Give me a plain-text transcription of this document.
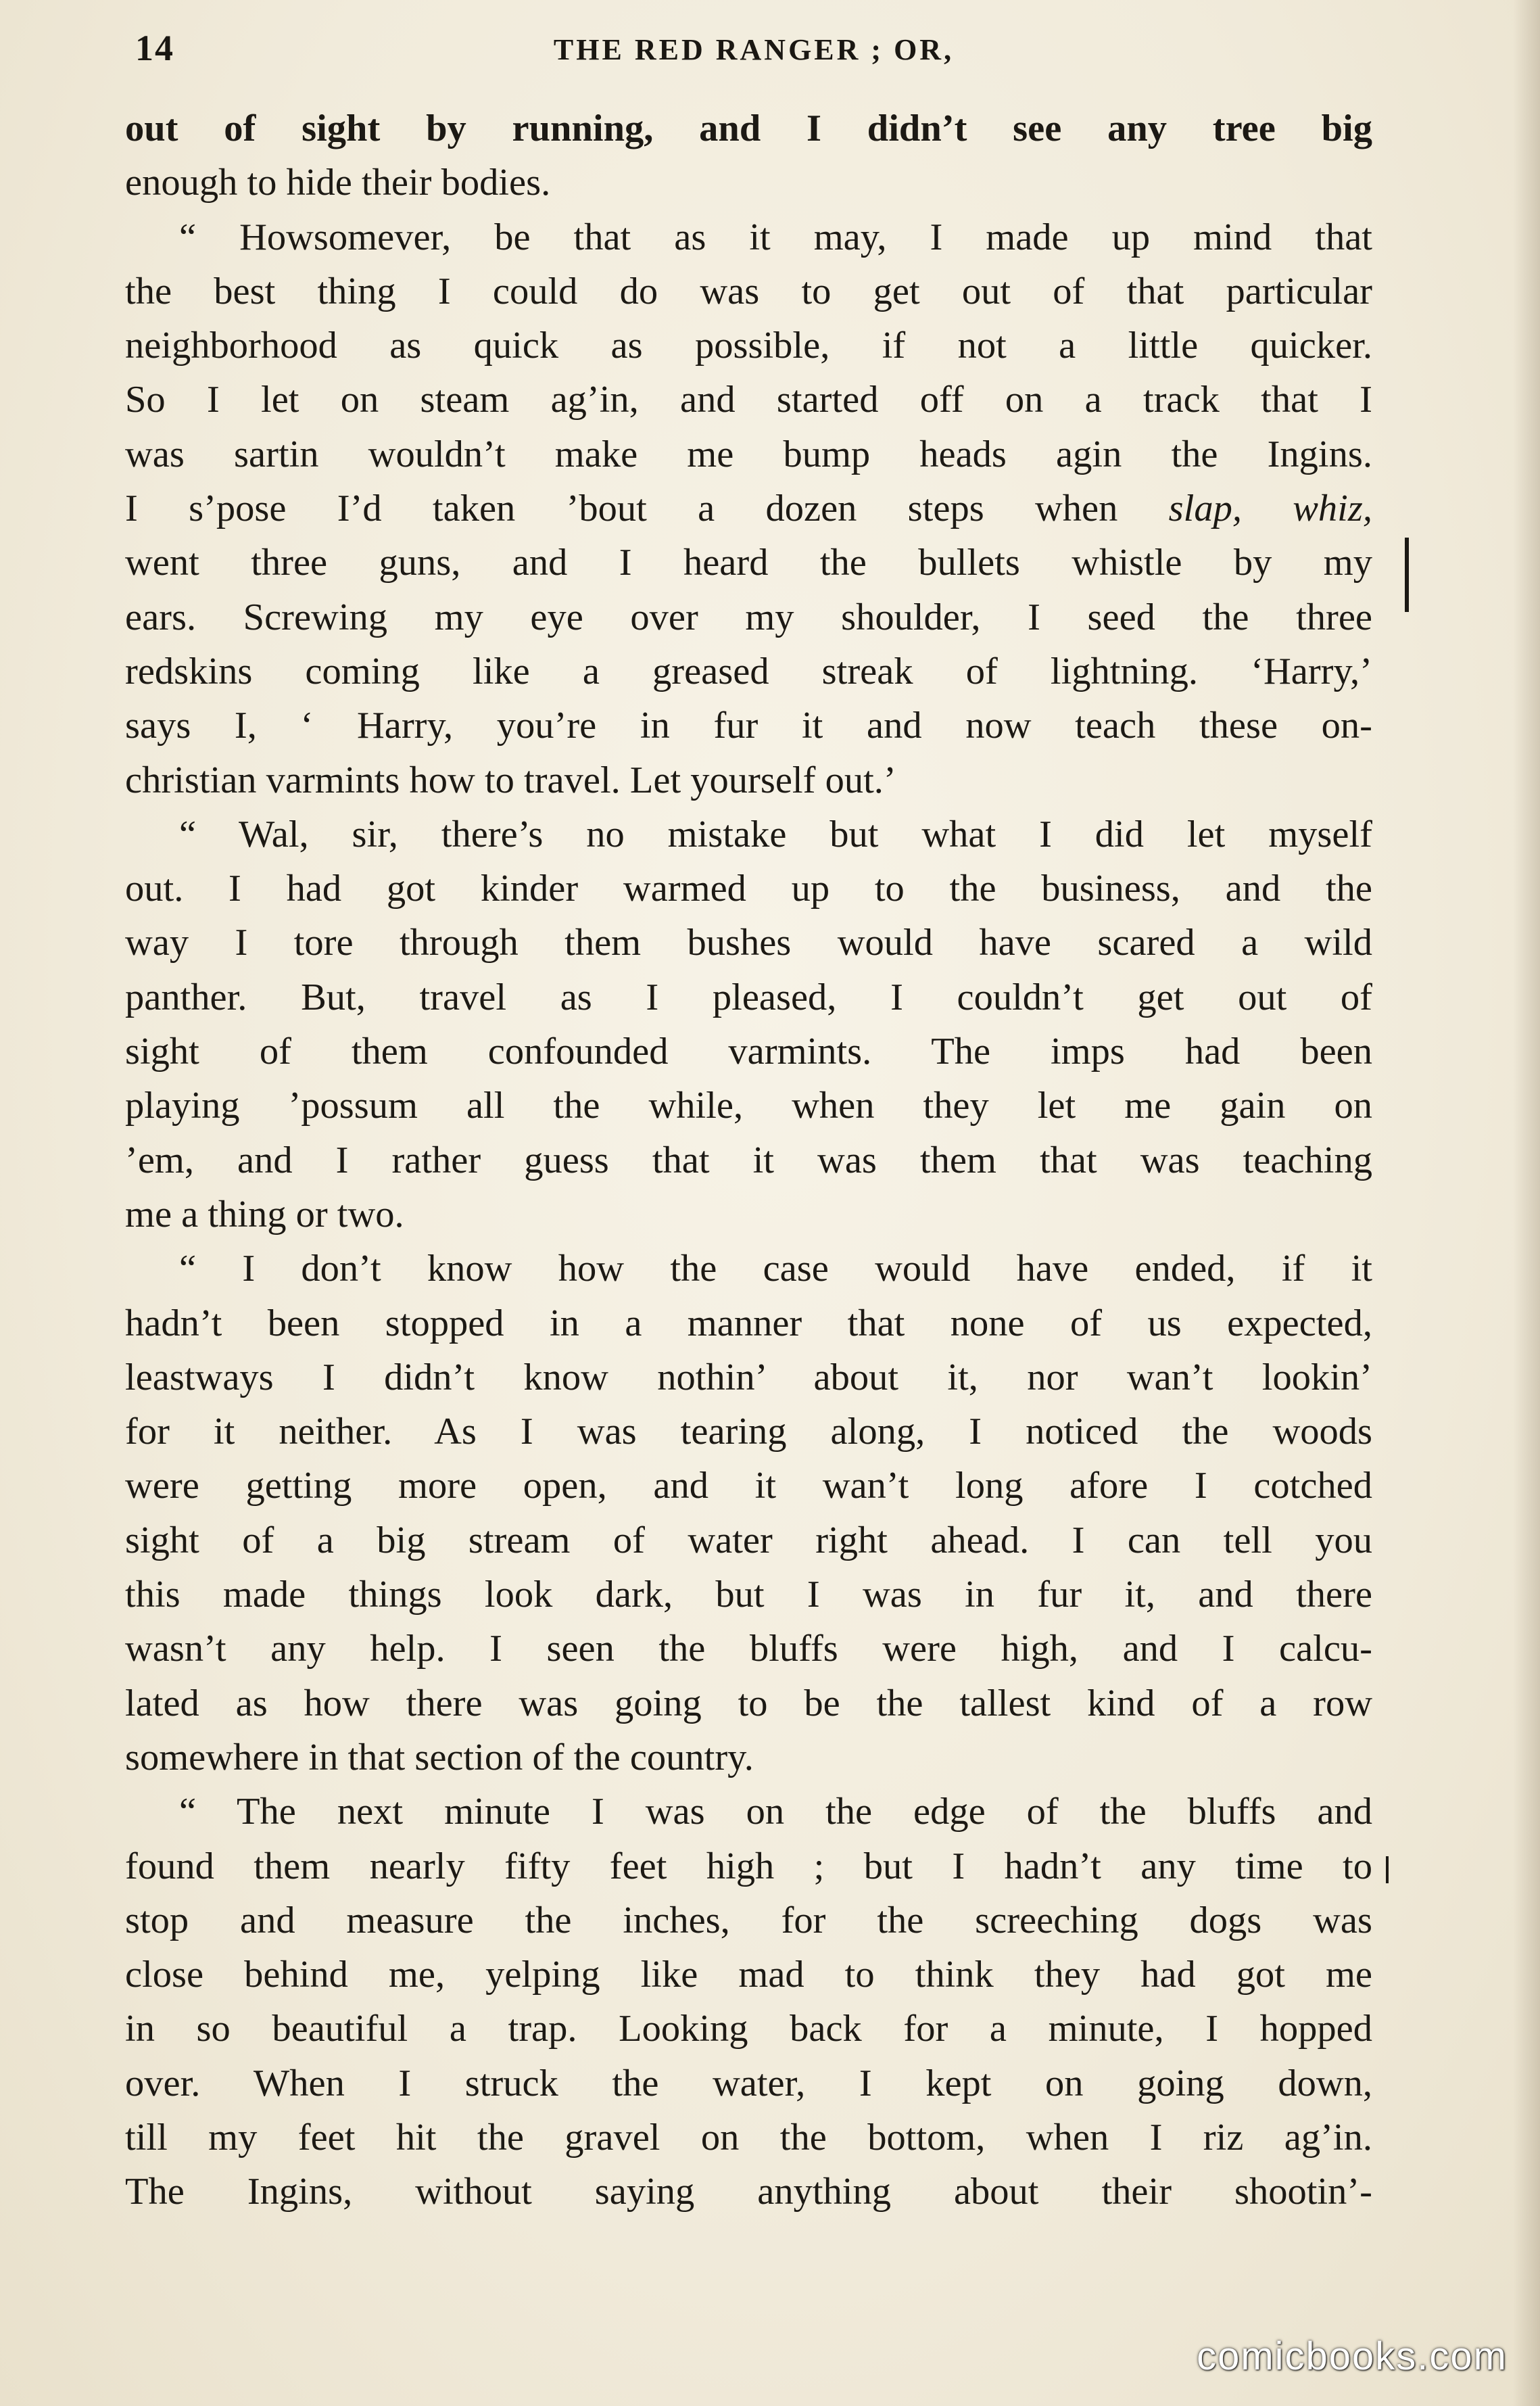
14	THE RED RANGER ; OR,
out of sight by running, and I didn’t see any tree big
enough to hide their bodies.
“ Howsomever, be that as it may, I made up mind that
the best thing I could do was to get out of that particular
neighborhood as quick as possible, if not a little quicker.
So I let on steam ag’in, and started off on a track that I
was sartin wouldn’t make me bump heads agin the Ingins.
I s’pose I’d taken ’bout a dozen steps when slap, whiz,
went three guns, and I heard the bullets whistle by my
ears. Screwing my eye over my shoulder, I seed the three
redskins coming like a greased streak of lightning. ‘Harry,’
says I, ‘ Harry, you’re in fur it and now teach these on-
christian varmints how to travel. Let yourself out.’
“ Wal, sir, there’s no mistake but what I did let myself
out. I had got kinder warmed up to the business, and the
way I tore through them bushes would have scared a wild
panther. But, travel as I pleased, I couldn’t get out of
sight of them confounded varmints. The imps had been
playing ’possum all the while, when they let me gain on
’em, and I rather guess that it was them that was teaching
me a thing or two.
“ I don’t know how the case would have ended, if it
hadn’t been stopped in a manner that none of us expected,
leastways I didn’t know nothin’ about it, nor wan’t lookin’
for it neither. As I was tearing along, I noticed the woods
were getting more open, and it wan’t long afore I cotched
sight of a big stream of water right ahead. I can tell you
this made things look dark, but I was in fur it, and there
wasn’t any help. I seen the bluffs were high, and I calcu-
lated as how there was going to be the tallest kind of a row
somewhere in that section of the country.
“ The next minute I was on the edge of the bluffs and
found them nearly fifty feet high ; but I hadn’t any time to
stop and measure the inches, for the screeching dogs was
close behind me, yelping like mad to think they had got me
in so beautiful a trap. Looking back for a minute, I hopped
over. When I struck the water, I kept on going down,
till my feet hit the gravel on the bottom, when I riz ag’in.
The Ingins, without saying anything about their shootin’-
comicbooks.com
